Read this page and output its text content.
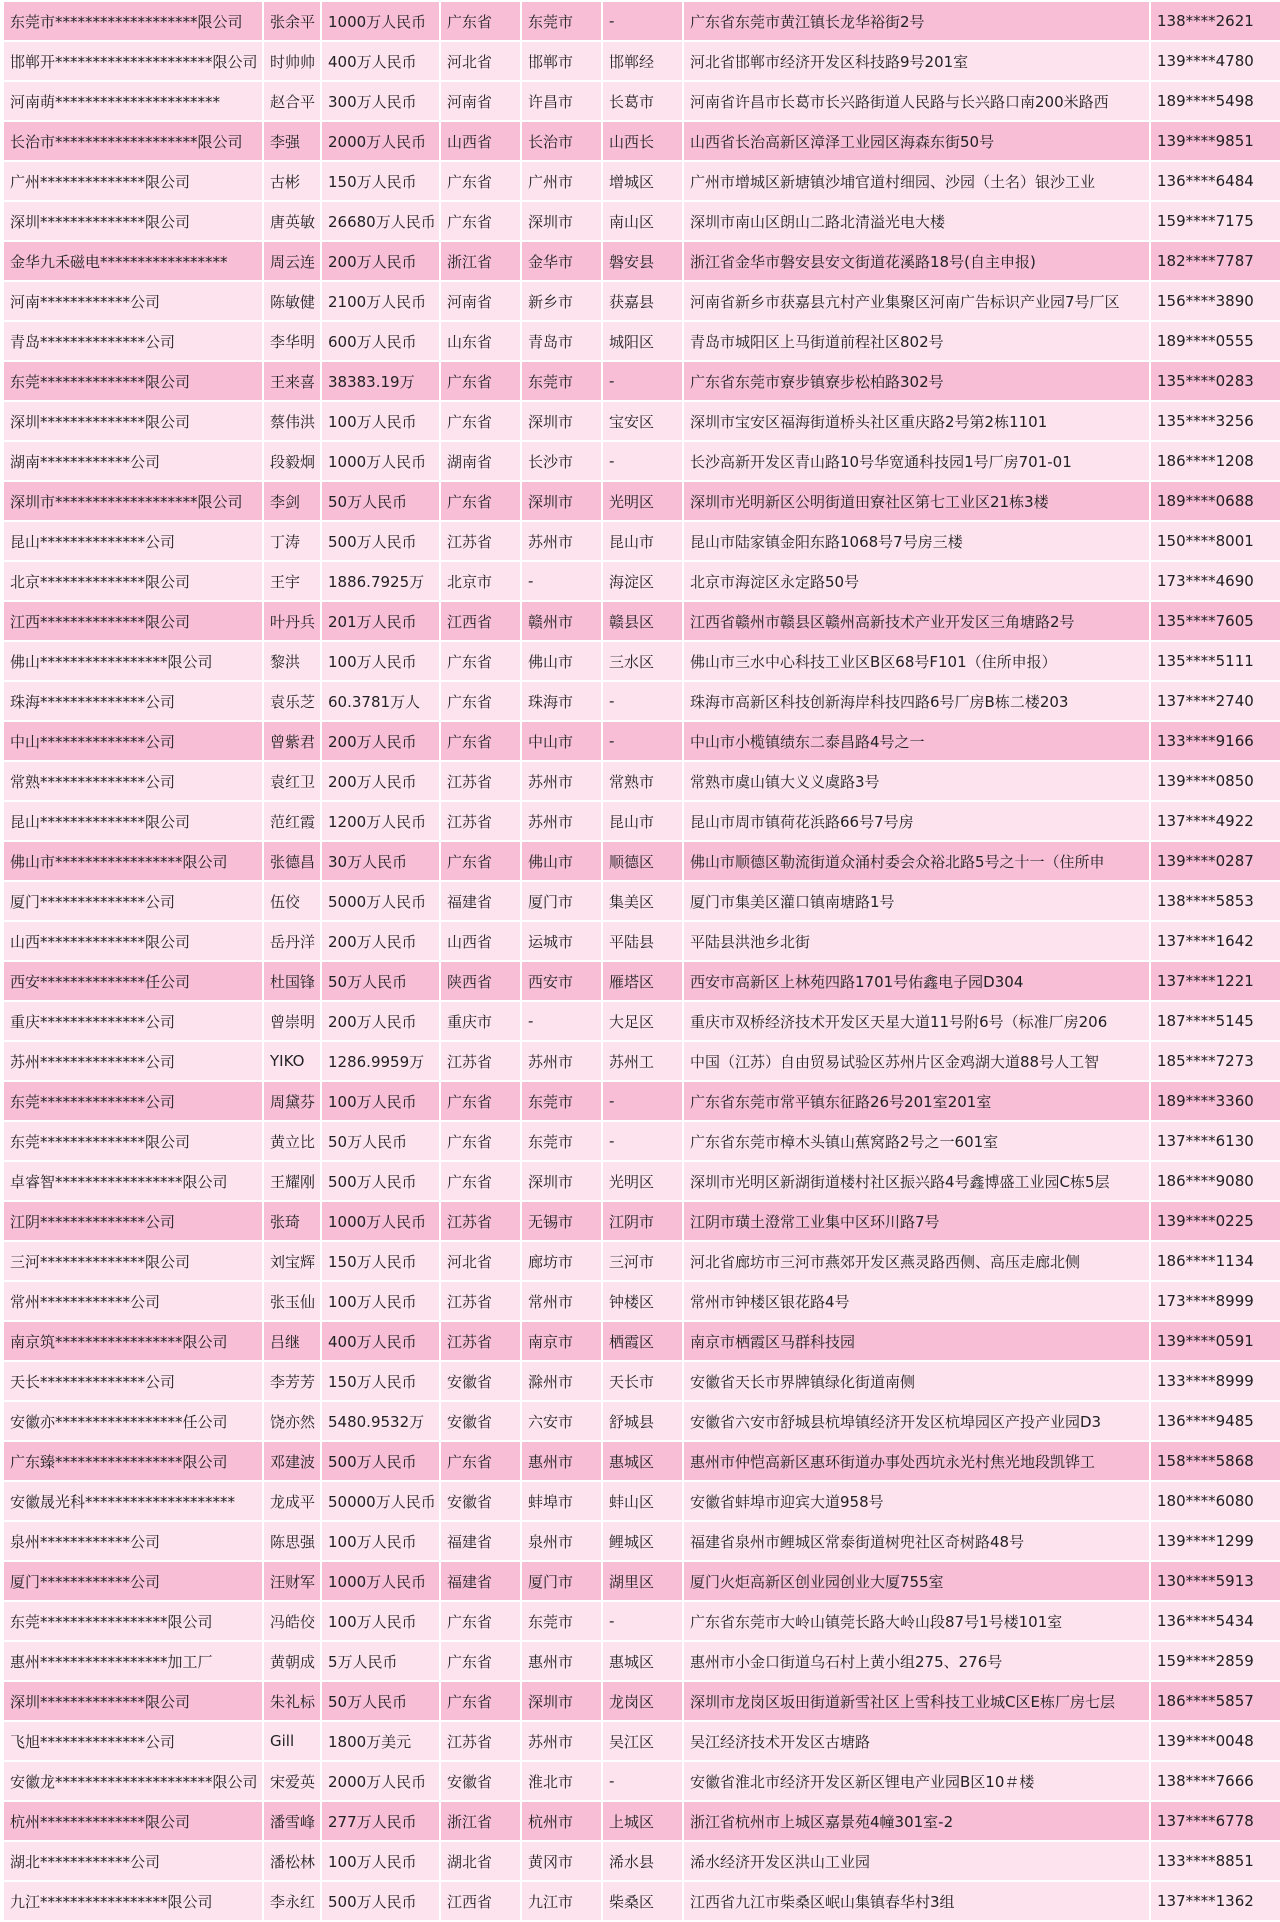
东莞市*******************限公司	张余平	1000万人民币	广东省	东莞市	-	广东省东莞市黄江镇长龙华裕街2号	138****2621
邯郸开*********************限公司	时帅帅	400万人民币	河北省	邯郸市	邯郸经	河北省邯郸市经济开发区科技路9号201室	139****4780
河南萌**********************	赵合平	300万人民币	河南省	许昌市	长葛市	河南省许昌市长葛市长兴路街道人民路与长兴路口南200米路西	189****5498
长治市*******************限公司	李强	2000万人民币	山西省	长治市	山西长	山西省长治高新区漳泽工业园区海森东街50号	139****9851
广州**************限公司	古彬	150万人民币	广东省	广州市	增城区	广州市增城区新塘镇沙埔官道村细园、沙园（土名）银沙工业	136****6484
深圳**************限公司	唐英敏	26680万人民币	广东省	深圳市	南山区	深圳市南山区朗山二路北清溢光电大楼	159****7175
金华九禾磁电*****************	周云连	200万人民币	浙江省	金华市	磐安县	浙江省金华市磐安县安文街道花溪路18号(自主申报)	182****7787
河南************公司	陈敏健	2100万人民币	河南省	新乡市	获嘉县	河南省新乡市获嘉县亢村产业集聚区河南广告标识产业园7号厂区	156****3890
青岛**************公司	李华明	600万人民币	山东省	青岛市	城阳区	青岛市城阳区上马街道前程社区802号	189****0555
东莞**************限公司	王来喜	38383.19万	广东省	东莞市	-	广东省东莞市寮步镇寮步松柏路302号	135****0283
深圳**************限公司	蔡伟洪	100万人民币	广东省	深圳市	宝安区	深圳市宝安区福海街道桥头社区重庆路2号第2栋1101	135****3256
湖南************公司	段毅炯	1000万人民币	湖南省	长沙市	-	长沙高新开发区青山路10号华宽通科技园1号厂房701-01	186****1208
深圳市*******************限公司	李剑	50万人民币	广东省	深圳市	光明区	深圳市光明新区公明街道田寮社区第七工业区21栋3楼	189****0688
昆山**************公司	丁涛	500万人民币	江苏省	苏州市	昆山市	昆山市陆家镇金阳东路1068号7号房三楼	150****8001
北京**************限公司	王宇	1886.7925万	北京市	-	海淀区	北京市海淀区永定路50号	173****4690
江西**************限公司	叶丹兵	201万人民币	江西省	赣州市	赣县区	江西省赣州市赣县区赣州高新技术产业开发区三角塘路2号	135****7605
佛山*****************限公司	黎洪	100万人民币	广东省	佛山市	三水区	佛山市三水中心科技工业区B区68号F101（住所申报）	135****5111
珠海**************公司	袁乐芝	60.3781万人	广东省	珠海市	-	珠海市高新区科技创新海岸科技四路6号厂房B栋二楼203	137****2740
中山**************公司	曾紫君	200万人民币	广东省	中山市	-	中山市小榄镇绩东二泰昌路4号之一	133****9166
常熟**************公司	袁红卫	200万人民币	江苏省	苏州市	常熟市	常熟市虞山镇大义义虞路3号	139****0850
昆山**************限公司	范红霞	1200万人民币	江苏省	苏州市	昆山市	昆山市周市镇荷花浜路66号7号房	137****4922
佛山市*****************限公司	张德昌	30万人民币	广东省	佛山市	顺德区	佛山市顺德区勒流街道众涌村委会众裕北路5号之十一（住所申	139****0287
厦门**************公司	伍佼	5000万人民币	福建省	厦门市	集美区	厦门市集美区灌口镇南塘路1号	138****5853
山西**************限公司	岳丹洋	200万人民币	山西省	运城市	平陆县	平陆县洪池乡北街	137****1642
西安**************任公司	杜国锋	50万人民币	陕西省	西安市	雁塔区	西安市高新区上林苑四路1701号佑鑫电子园D304	137****1221
重庆**************公司	曾崇明	200万人民币	重庆市	-	大足区	重庆市双桥经济技术开发区天星大道11号附6号（标准厂房206	187****5145
苏州**************公司	YIKO	1286.9959万	江苏省	苏州市	苏州工	中国（江苏）自由贸易试验区苏州片区金鸡湖大道88号人工智	185****7273
东莞**************公司	周黛芬	100万人民币	广东省	东莞市	-	广东省东莞市常平镇东征路26号201室201室	189****3360
东莞**************限公司	黄立比	50万人民币	广东省	东莞市	-	广东省东莞市樟木头镇山蕉窝路2号之一601室	137****6130
卓睿智*****************限公司	王耀刚	500万人民币	广东省	深圳市	光明区	深圳市光明区新湖街道楼村社区振兴路4号鑫博盛工业园C栋5层	186****9080
江阴**************公司	张琦	1000万人民币	江苏省	无锡市	江阴市	江阴市璜土澄常工业集中区环川路7号	139****0225
三河**************限公司	刘宝辉	150万人民币	河北省	廊坊市	三河市	河北省廊坊市三河市燕郊开发区燕灵路西侧、高压走廊北侧	186****1134
常州************公司	张玉仙	100万人民币	江苏省	常州市	钟楼区	常州市钟楼区银花路4号	173****8999
南京筑*****************限公司	吕继	400万人民币	江苏省	南京市	栖霞区	南京市栖霞区马群科技园	139****0591
天长**************公司	李芳芳	150万人民币	安徽省	滁州市	天长市	安徽省天长市界牌镇绿化街道南侧	133****8999
安徽亦*****************任公司	饶亦然	5480.9532万	安徽省	六安市	舒城县	安徽省六安市舒城县杭埠镇经济开发区杭埠园区产投产业园D3	136****9485
广东臻*****************限公司	邓建波	500万人民币	广东省	惠州市	惠城区	惠州市仲恺高新区惠环街道办事处西坑永光村焦光地段凯铧工	158****5868
安徽晟光科********************	龙成平	50000万人民币	安徽省	蚌埠市	蚌山区	安徽省蚌埠市迎宾大道958号	180****6080
泉州************公司	陈思强	100万人民币	福建省	泉州市	鲤城区	福建省泉州市鲤城区常泰街道树兜社区奇树路48号	139****1299
厦门************公司	汪财军	1000万人民币	福建省	厦门市	湖里区	厦门火炬高新区创业园创业大厦755室	130****5913
东莞*****************限公司	冯皓佼	100万人民币	广东省	东莞市	-	广东省东莞市大岭山镇莞长路大岭山段87号1号楼101室	136****5434
惠州*****************加工厂	黄朝成	5万人民币	广东省	惠州市	惠城区	惠州市小金口街道乌石村上黄小组275、276号	159****2859
深圳**************限公司	朱礼标	50万人民币	广东省	深圳市	龙岗区	深圳市龙岗区坂田街道新雪社区上雪科技工业城C区E栋厂房七层	186****5857
飞旭**************公司	Gill	1800万美元	江苏省	苏州市	吴江区	吴江经济技术开发区古塘路	139****0048
安徽龙*********************限公司	宋爱英	2000万人民币	安徽省	淮北市	-	安徽省淮北市经济开发区新区锂电产业园B区10＃楼	138****7666
杭州**************限公司	潘雪峰	277万人民币	浙江省	杭州市	上城区	浙江省杭州市上城区嘉景苑4幢301室-2	137****6778
湖北************公司	潘松林	100万人民币	湖北省	黄冈市	浠水县	浠水经济开发区洪山工业园	133****8851
九江*****************限公司	李永红	500万人民币	江西省	九江市	柴桑区	江西省九江市柴桑区岷山集镇春华村3组	137****1362
